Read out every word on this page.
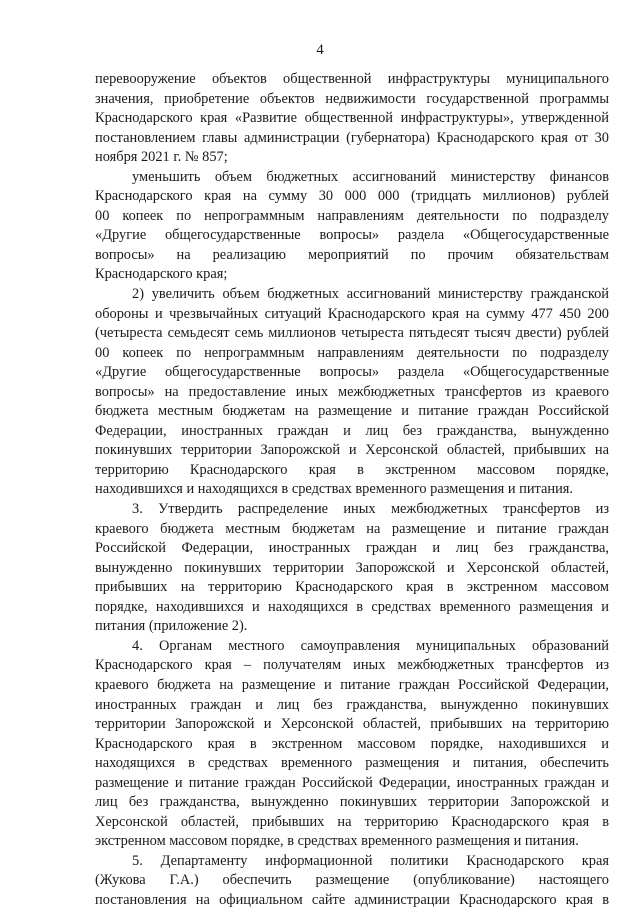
4
перевооружение объектов общественной инфраструктуры муниципального
значения, приобретение объектов недвижимости государственной программы
Краснодарского края «Развитие общественной инфраструктуры», утвержденной
постановлением главы администрации (губернатора) Краснодарского края от 30
ноября 2021 г. № 857;
уменьшить объем бюджетных ассигнований министерству финансов
Краснодарского края на сумму 30 000 000 (тридцать миллионов) рублей
00 копеек по непрограммным направлениям деятельности по подразделу
«Другие общегосударственные вопросы» раздела «Общегосударственные
вопросы» на реализацию мероприятий по прочим обязательствам
Краснодарского края;
2) увеличить объем бюджетных ассигнований министерству гражданской
обороны и чрезвычайных ситуаций Краснодарского края на сумму 477 450 200
(четыреста семьдесят семь миллионов четыреста пятьдесят тысяч двести) рублей
00 копеек по непрограммным направлениям деятельности по подразделу
«Другие общегосударственные вопросы» раздела «Общегосударственные
вопросы» на предоставление иных межбюджетных трансфертов из краевого
бюджета местным бюджетам на размещение и питание граждан Российской
Федерации, иностранных граждан и лиц без гражданства, вынужденно
покинувших территории Запорожской и Херсонской областей, прибывших на
территорию Краснодарского края в экстренном массовом порядке,
находившихся и находящихся в средствах временного размещения и питания.
3. Утвердить распределение иных межбюджетных трансфертов из
краевого бюджета местным бюджетам на размещение и питание граждан
Российской Федерации, иностранных граждан и лиц без гражданства,
вынужденно покинувших территории Запорожской и Херсонской областей,
прибывших на территорию Краснодарского края в экстренном массовом
порядке, находившихся и находящихся в средствах временного размещения и
питания (приложение 2).
4. Органам местного самоуправления муниципальных образований
Краснодарского края – получателям иных межбюджетных трансфертов из
краевого бюджета на размещение и питание граждан Российской Федерации,
иностранных граждан и лиц без гражданства, вынужденно покинувших
территории Запорожской и Херсонской областей, прибывших на территорию
Краснодарского края в экстренном массовом порядке, находившихся и
находящихся в средствах временного размещения и питания, обеспечить
размещение и питание граждан Российской Федерации, иностранных граждан и
лиц без гражданства, вынужденно покинувших территории Запорожской и
Херсонской областей, прибывших на территорию Краснодарского края в
экстренном массовом порядке, в средствах временного размещения и питания.
5. Департаменту информационной политики Краснодарского края
(Жукова Г.А.) обеспечить размещение (опубликование) настоящего
постановления на официальном сайте администрации Краснодарского края в
